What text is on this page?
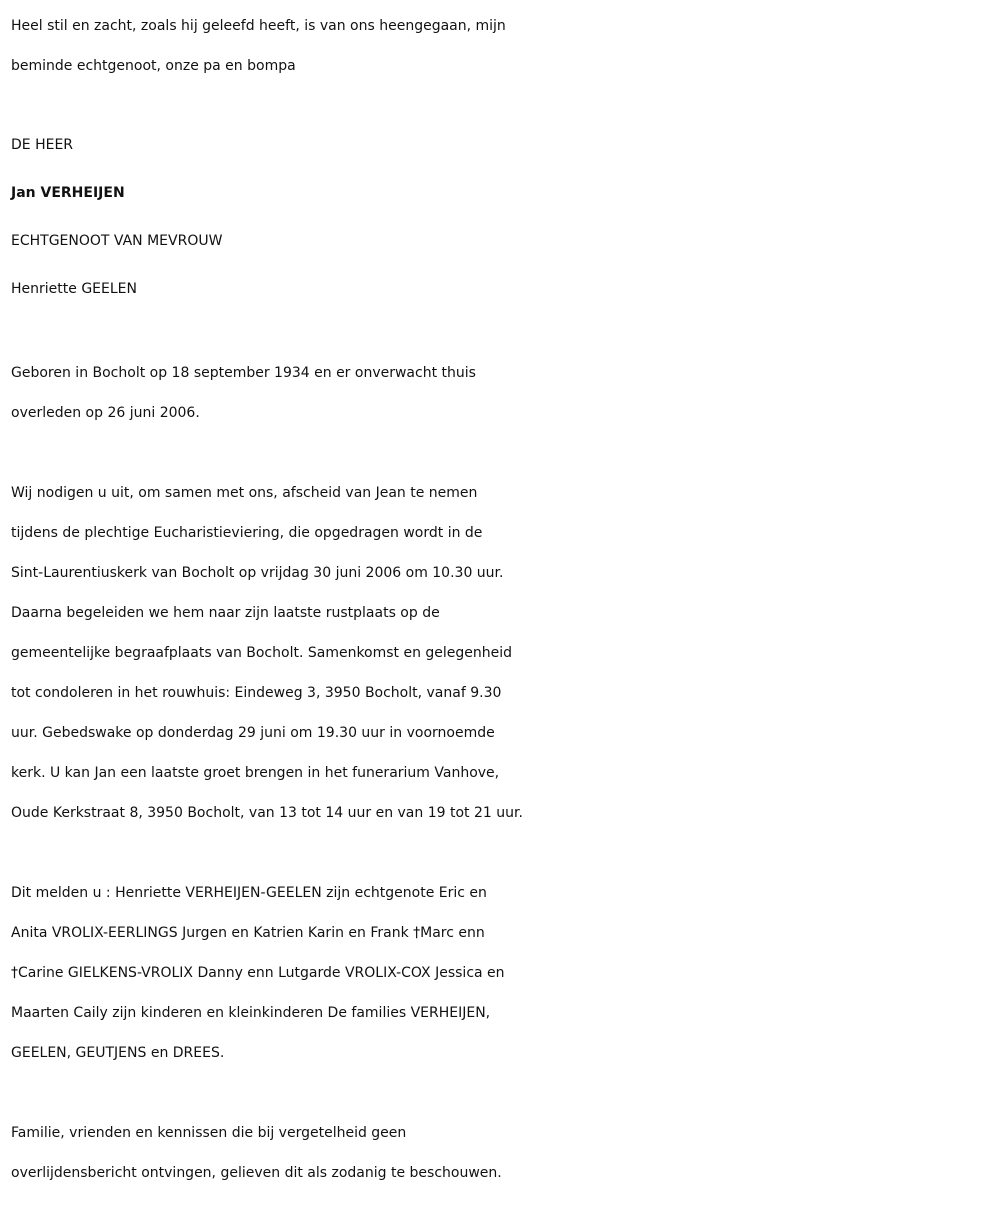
Heel stil en zacht, zoals hij geleefd heeft, is van ons heengegaan, mijn
beminde echtgenoot, onze pa en bompa

DE HEER
Jan VERHEIJEN
ECHTGENOOT VAN MEVROUW
Henriette GEELEN

Geboren in Bocholt op 18 september 1934 en er onverwacht thuis
overleden op 26 juni 2006.

Wij nodigen u uit, om samen met ons, afscheid van Jean te nemen
tijdens de plechtige Eucharistieviering, die opgedragen wordt in de
Sint-Laurentiuskerk van Bocholt op vrijdag 30 juni 2006 om 10.30 uur.
Daarna begeleiden we hem naar zijn laatste rustplaats op de
gemeentelijke begraafplaats van Bocholt. Samenkomst en gelegenheid
tot condoleren in het rouwhuis: Eindeweg 3, 3950 Bocholt, vanaf 9.30
uur. Gebedswake op donderdag 29 juni om 19.30 uur in voornoemde
kerk. U kan Jan een laatste groet brengen in het funerarium Vanhove,
Oude Kerkstraat 8, 3950 Bocholt, van 13 tot 14 uur en van 19 tot 21 uur.

Dit melden u : Henriette VERHEIJEN-GEELEN zijn echtgenote Eric en
Anita VROLIX-EERLINGS Jurgen en Katrien Karin en Frank †Marc enn
†Carine GIELKENS-VROLIX Danny enn Lutgarde VROLIX-COX Jessica en
Maarten Caily zijn kinderen en kleinkinderen De families VERHEIJEN,
GEELEN, GEUTJENS en DREES.

Familie, vrienden en kennissen die bij vergetelheid geen
overlijdensbericht ontvingen, gelieven dit als zodanig te beschouwen.
